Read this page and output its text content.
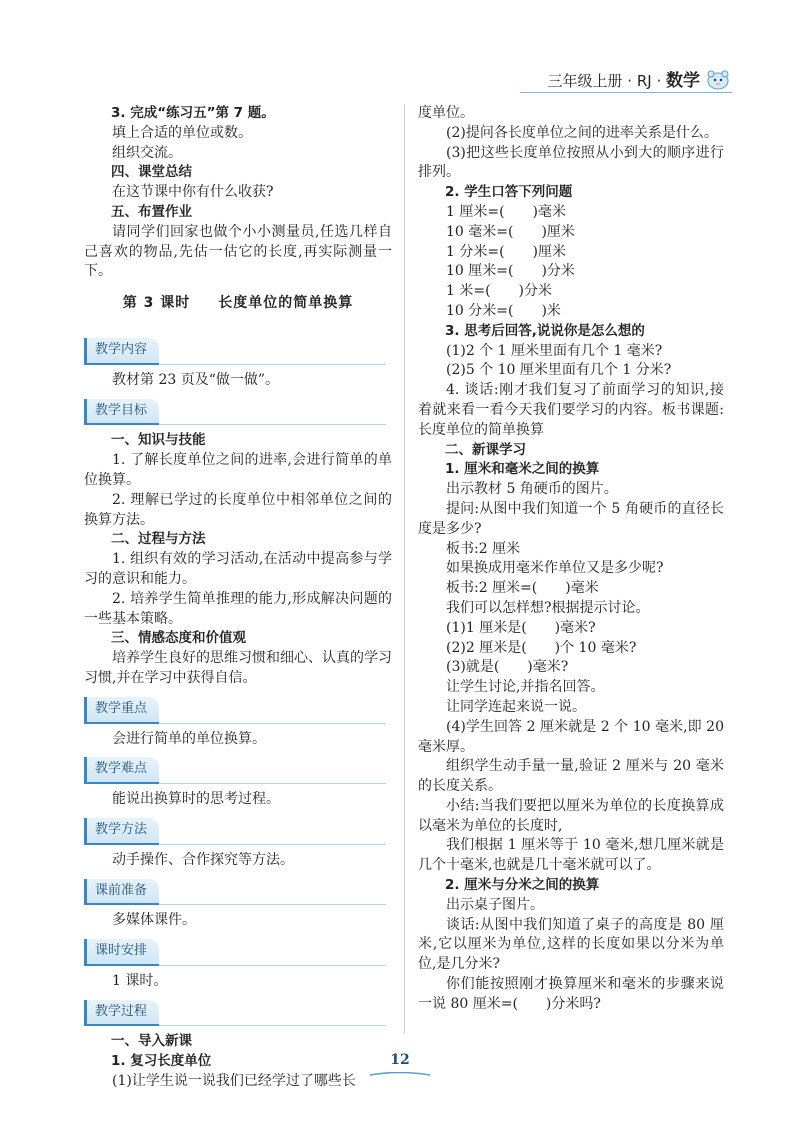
三年级上册 · RJ · 数学

3. 完成“练习五”第 7 题。

填上合适的单位或数。

组织交流。

四、课堂总结

在这节课中你有什么收获?

五、布置作业

请同学们回家也做个小小测量员,任选几样自己喜欢的物品,先估一估它的长度,再实际测量一下。

第 3 课时 长度单位的简单换算
教学内容

教材第 23 页及“做一做”。

教学目标

一、知识与技能

1. 了解长度单位之间的进率,会进行简单的单位换算。

2. 理解已学过的长度单位中相邻单位之间的换算方法。

二、过程与方法

1. 组织有效的学习活动,在活动中提高参与学习的意识和能力。

2. 培养学生简单推理的能力,形成解决问题的一些基本策略。

三、情感态度和价值观

培养学生良好的思维习惯和细心、认真的学习习惯,并在学习中获得自信。

教学重点

会进行简单的单位换算。

教学难点

能说出换算时的思考过程。

教学方法

动手操作、合作探究等方法。

课前准备

多媒体课件。

课时安排

1 课时。

教学过程

一、导入新课

1. 复习长度单位

(1)让学生说一说我们已经学过了哪些长

度单位。

(2)提问各长度单位之间的进率关系是什么。

(3)把这些长度单位按照从小到大的顺序进行排列。

2. 学生口答下列问题

1 厘米=(　　)毫米

10 毫米=(　　)厘米

1 分米=(　　)厘米

10 厘米=(　　)分米

1 米=(　　)分米

10 分米=(　　)米

3. 思考后回答,说说你是怎么想的

(1)2 个 1 厘米里面有几个 1 毫米?

(2)5 个 10 厘米里面有几个 1 分米?

4. 谈话:刚才我们复习了前面学习的知识,接着就来看一看今天我们要学习的内容。板书课题:长度单位的简单换算

二、新课学习

1. 厘米和毫米之间的换算

出示教材 5 角硬币的图片。

提问:从图中我们知道一个 5 角硬币的直径长度是多少?

板书:2 厘米

如果换成用毫米作单位又是多少呢?

板书:2 厘米=(　　)毫米

我们可以怎样想?根据提示讨论。

(1)1 厘米是(　　)毫米?

(2)2 厘米是(　　)个 10 毫米?

(3)就是(　　)毫米?

让学生讨论,并指名回答。

让同学连起来说一说。

(4)学生回答 2 厘米就是 2 个 10 毫米,即 20 毫米厚。

组织学生动手量一量,验证 2 厘米与 20 毫米的长度关系。

小结:当我们要把以厘米为单位的长度换算成以毫米为单位的长度时,

我们根据 1 厘米等于 10 毫米,想几厘米就是几个十毫米,也就是几十毫米就可以了。

2. 厘米与分米之间的换算

出示桌子图片。

谈话:从图中我们知道了桌子的高度是 80 厘米,它以厘米为单位,这样的长度如果以分米为单位,是几分米?

你们能按照刚才换算厘米和毫米的步骤来说一说 80 厘米=(　　)分米吗?

12
